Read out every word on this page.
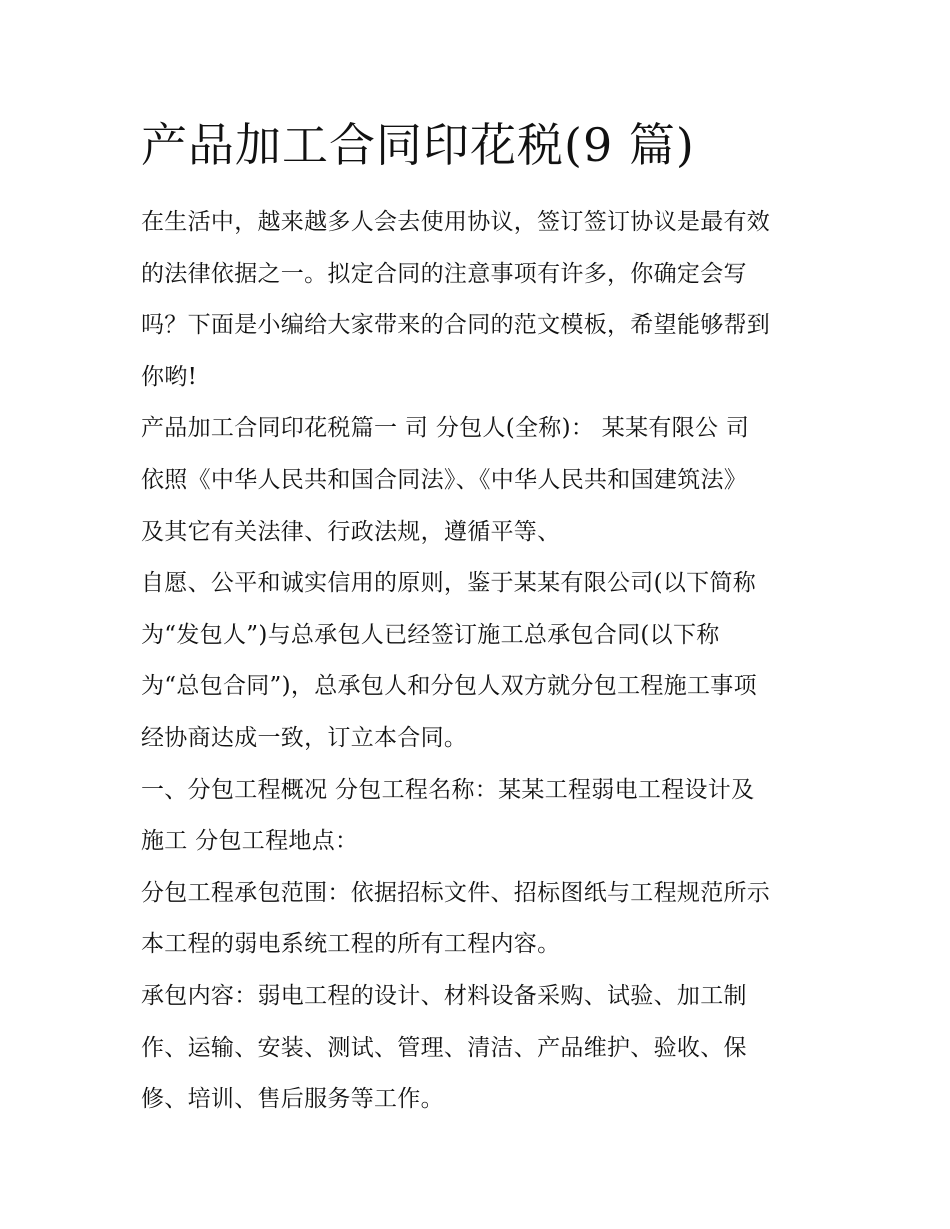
产品加工合同印花税(9 篇)
在生活中，越来越多人会去使用协议，签订签订协议是最有效
的法律依据之一。拟定合同的注意事项有许多，你确定会写
吗？下面是小编给大家带来的合同的范文模板，希望能够帮到
你哟!
产品加工合同印花税篇一 司 分包人(全称)： 某某有限公 司
依照《中华人民共和国合同法》、《中华人民共和国建筑法》
及其它有关法律、行政法规，遵循平等、
自愿、公平和诚实信用的原则，鉴于某某有限公司(以下简称
为“发包人”)与总承包人已经签订施工总承包合同(以下称
为“总包合同”)，总承包人和分包人双方就分包工程施工事项
经协商达成一致，订立本合同。
一、分包工程概况 分包工程名称：某某工程弱电工程设计及
施工 分包工程地点：
分包工程承包范围：依据招标文件、招标图纸与工程规范所示
本工程的弱电系统工程的所有工程内容。
承包内容：弱电工程的设计、材料设备采购、试验、加工制
作、运输、安装、测试、管理、清洁、产品维护、验收、保
修、培训、售后服务等工作。
